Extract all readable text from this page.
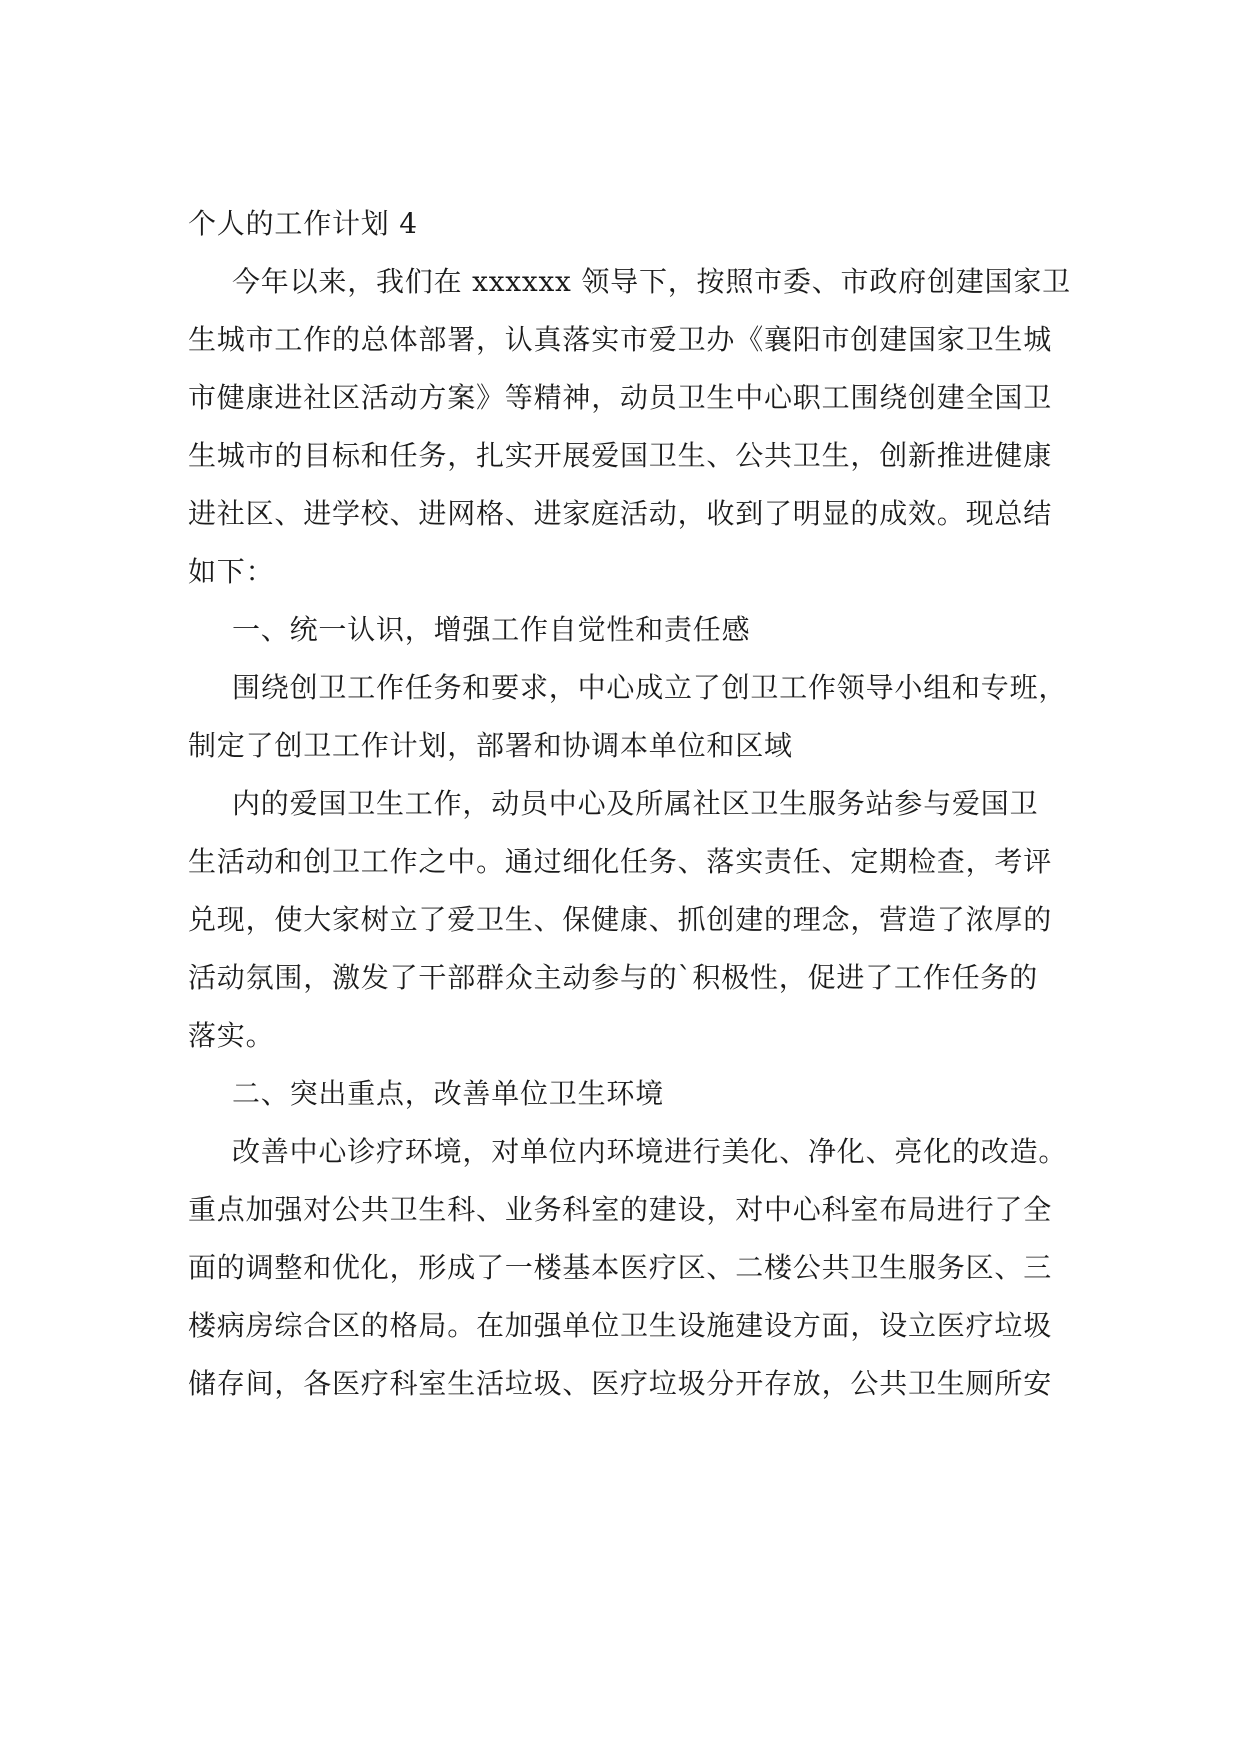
个人的工作计划 4
今年以来，我们在 xxxxxx 领导下，按照市委、市政府创建国家卫
生城市工作的总体部署，认真落实市爱卫办《襄阳市创建国家卫生城
市健康进社区活动方案》等精神，动员卫生中心职工围绕创建全国卫
生城市的目标和任务，扎实开展爱国卫生、公共卫生，创新推进健康
进社区、进学校、进网格、进家庭活动，收到了明显的成效。现总结
如下：
一、统一认识，增强工作自觉性和责任感
围绕创卫工作任务和要求，中心成立了创卫工作领导小组和专班，
制定了创卫工作计划，部署和协调本单位和区域
内的爱国卫生工作，动员中心及所属社区卫生服务站参与爱国卫
生活动和创卫工作之中。通过细化任务、落实责任、定期检查，考评
兑现，使大家树立了爱卫生、保健康、抓创建的理念，营造了浓厚的
活动氛围，激发了干部群众主动参与的`积极性，促进了工作任务的
落实。
二、突出重点，改善单位卫生环境
改善中心诊疗环境，对单位内环境进行美化、净化、亮化的改造。
重点加强对公共卫生科、业务科室的建设，对中心科室布局进行了全
面的调整和优化，形成了一楼基本医疗区、二楼公共卫生服务区、三
楼病房综合区的格局。在加强单位卫生设施建设方面，设立医疗垃圾
储存间，各医疗科室生活垃圾、医疗垃圾分开存放，公共卫生厕所安
